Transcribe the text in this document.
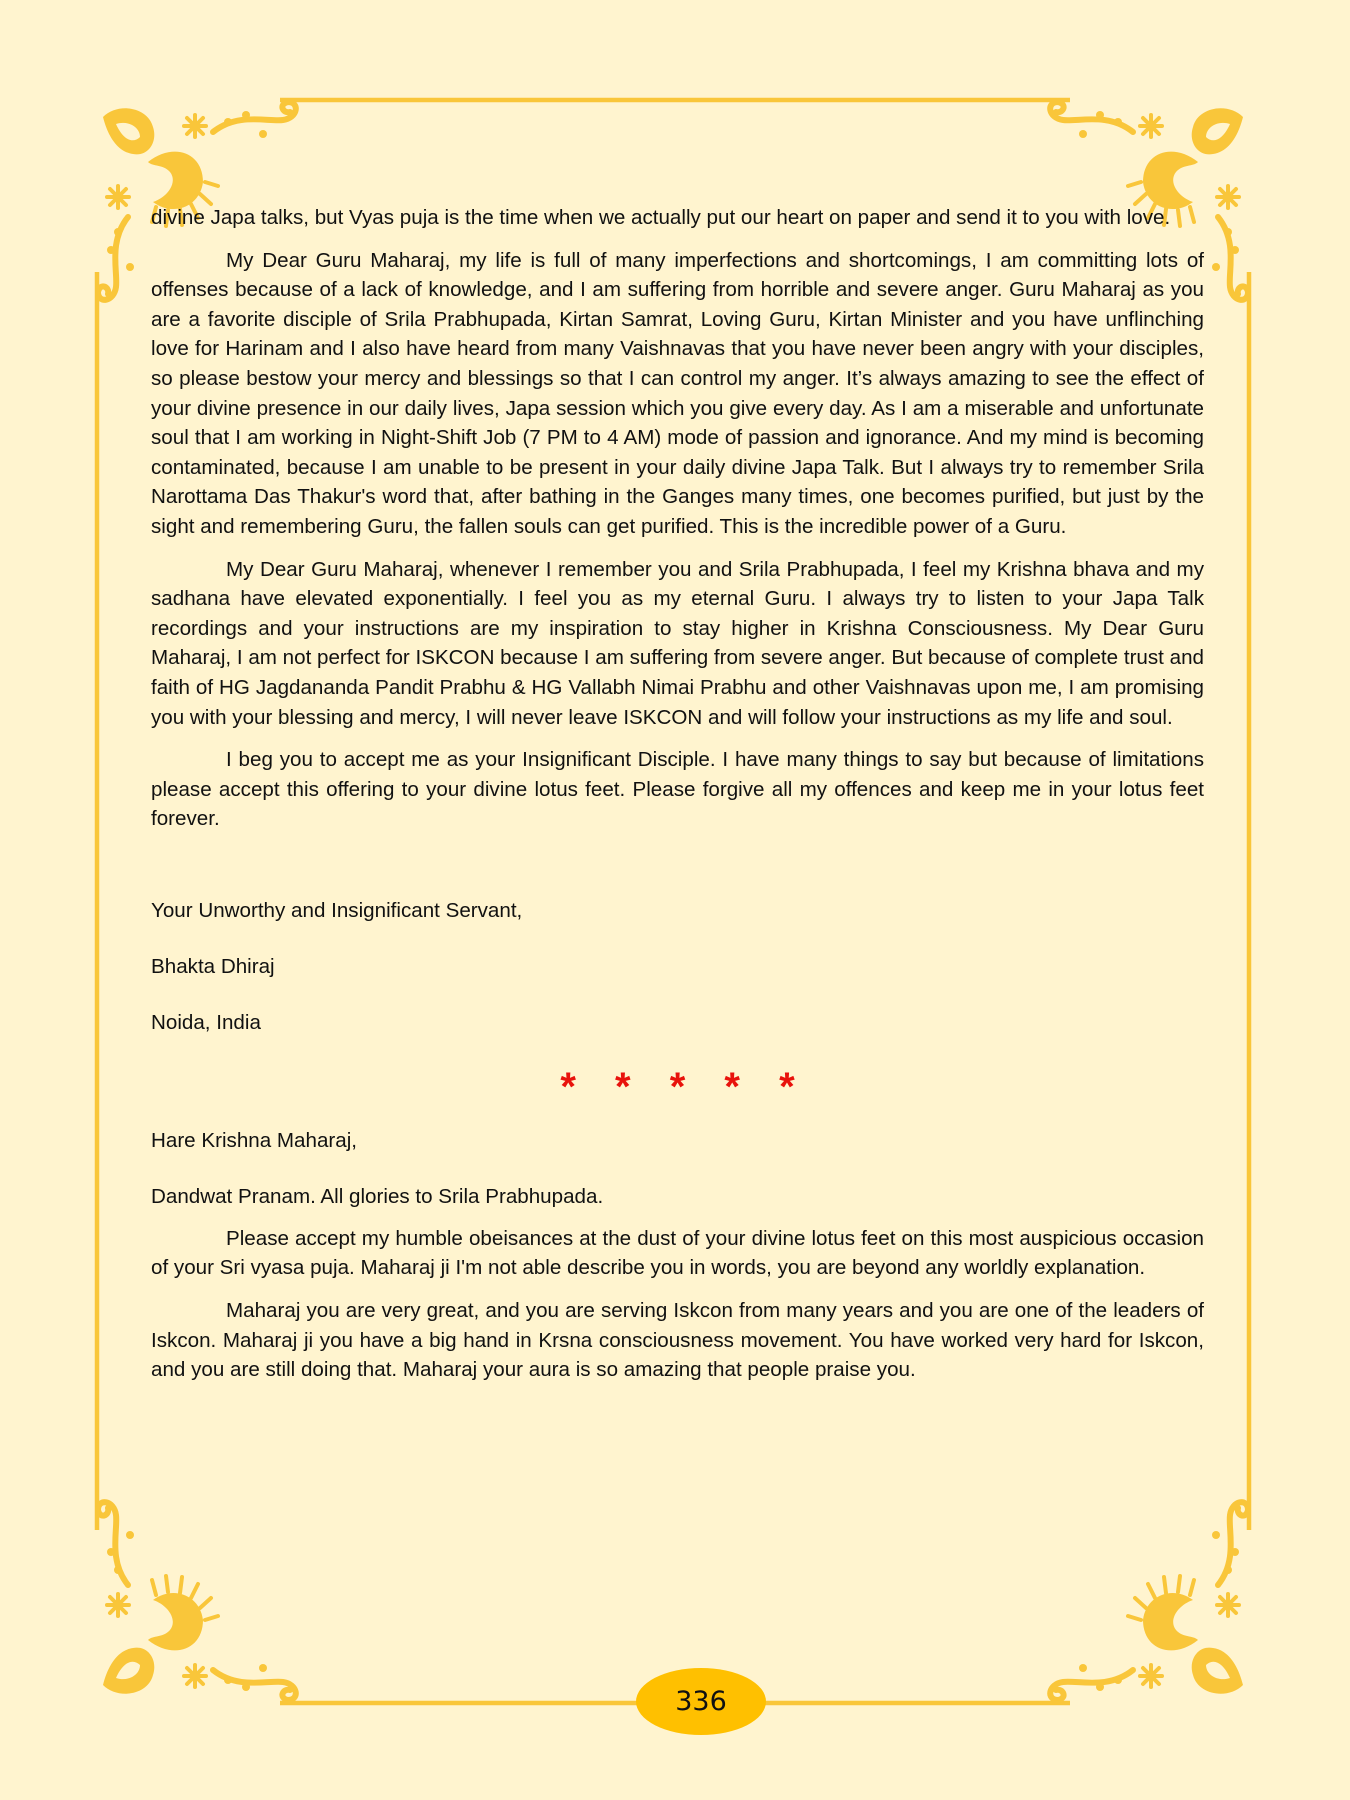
divine Japa talks, but Vyas puja is the time when we actually put our heart on paper and send it to you with love.

My Dear Guru Maharaj, my life is full of many imperfections and shortcomings, I am committing lots of offenses because of a lack of knowledge, and I am suffering from horrible and severe anger. Guru Maharaj as you are a favorite disciple of Srila Prabhupada, Kirtan Samrat, Loving Guru, Kirtan Minister and you have unflinching love for Harinam and I also have heard from many Vaishnavas that you have never been angry with your disciples, so please bestow your mercy and blessings so that I can control my anger. It’s always amazing to see the effect of your divine presence in our daily lives, Japa session which you give every day. As I am a miserable and unfortunate soul that I am working in Night-Shift Job (7 PM to 4 AM) mode of passion and ignorance. And my mind is becoming contaminated, because I am unable to be present in your daily divine Japa Talk. But I always try to remember Srila Narottama Das Thakur's word that, after bathing in the Ganges many times, one becomes purified, but just by the sight and remembering Guru, the fallen souls can get purified. This is the incredible power of a Guru.

My Dear Guru Maharaj, whenever I remember you and Srila Prabhupada, I feel my Krishna bhava and my sadhana have elevated exponentially. I feel you as my eternal Guru. I always try to listen to your Japa Talk recordings and your instructions are my inspiration to stay higher in Krishna Consciousness. My Dear Guru Maharaj, I am not perfect for ISKCON because I am suffering from severe anger. But because of complete trust and faith of HG Jagdananda Pandit Prabhu & HG Vallabh Nimai Prabhu and other Vaishnavas upon me, I am promising you with your blessing and mercy, I will never leave ISKCON and will follow your instructions as my life and soul.

I beg you to accept me as your Insignificant Disciple. I have many things to say but because of limitations please accept this offering to your divine lotus feet. Please forgive all my offences and keep me in your lotus feet forever.

Your Unworthy and Insignificant Servant,

Bhakta Dhiraj

Noida, India

* * * * *

Hare Krishna Maharaj,

Dandwat Pranam. All glories to Srila Prabhupada.

Please accept my humble obeisances at the dust of your divine lotus feet on this most auspicious occasion of your Sri vyasa puja. Maharaj ji I'm not able describe you in words, you are beyond any worldly explanation.

Maharaj you are very great, and you are serving Iskcon from many years and you are one of the leaders of Iskcon. Maharaj ji you have a big hand in Krsna consciousness movement. You have worked very hard for Iskcon, and you are still doing that. Maharaj your aura is so amazing that people praise you.

336
